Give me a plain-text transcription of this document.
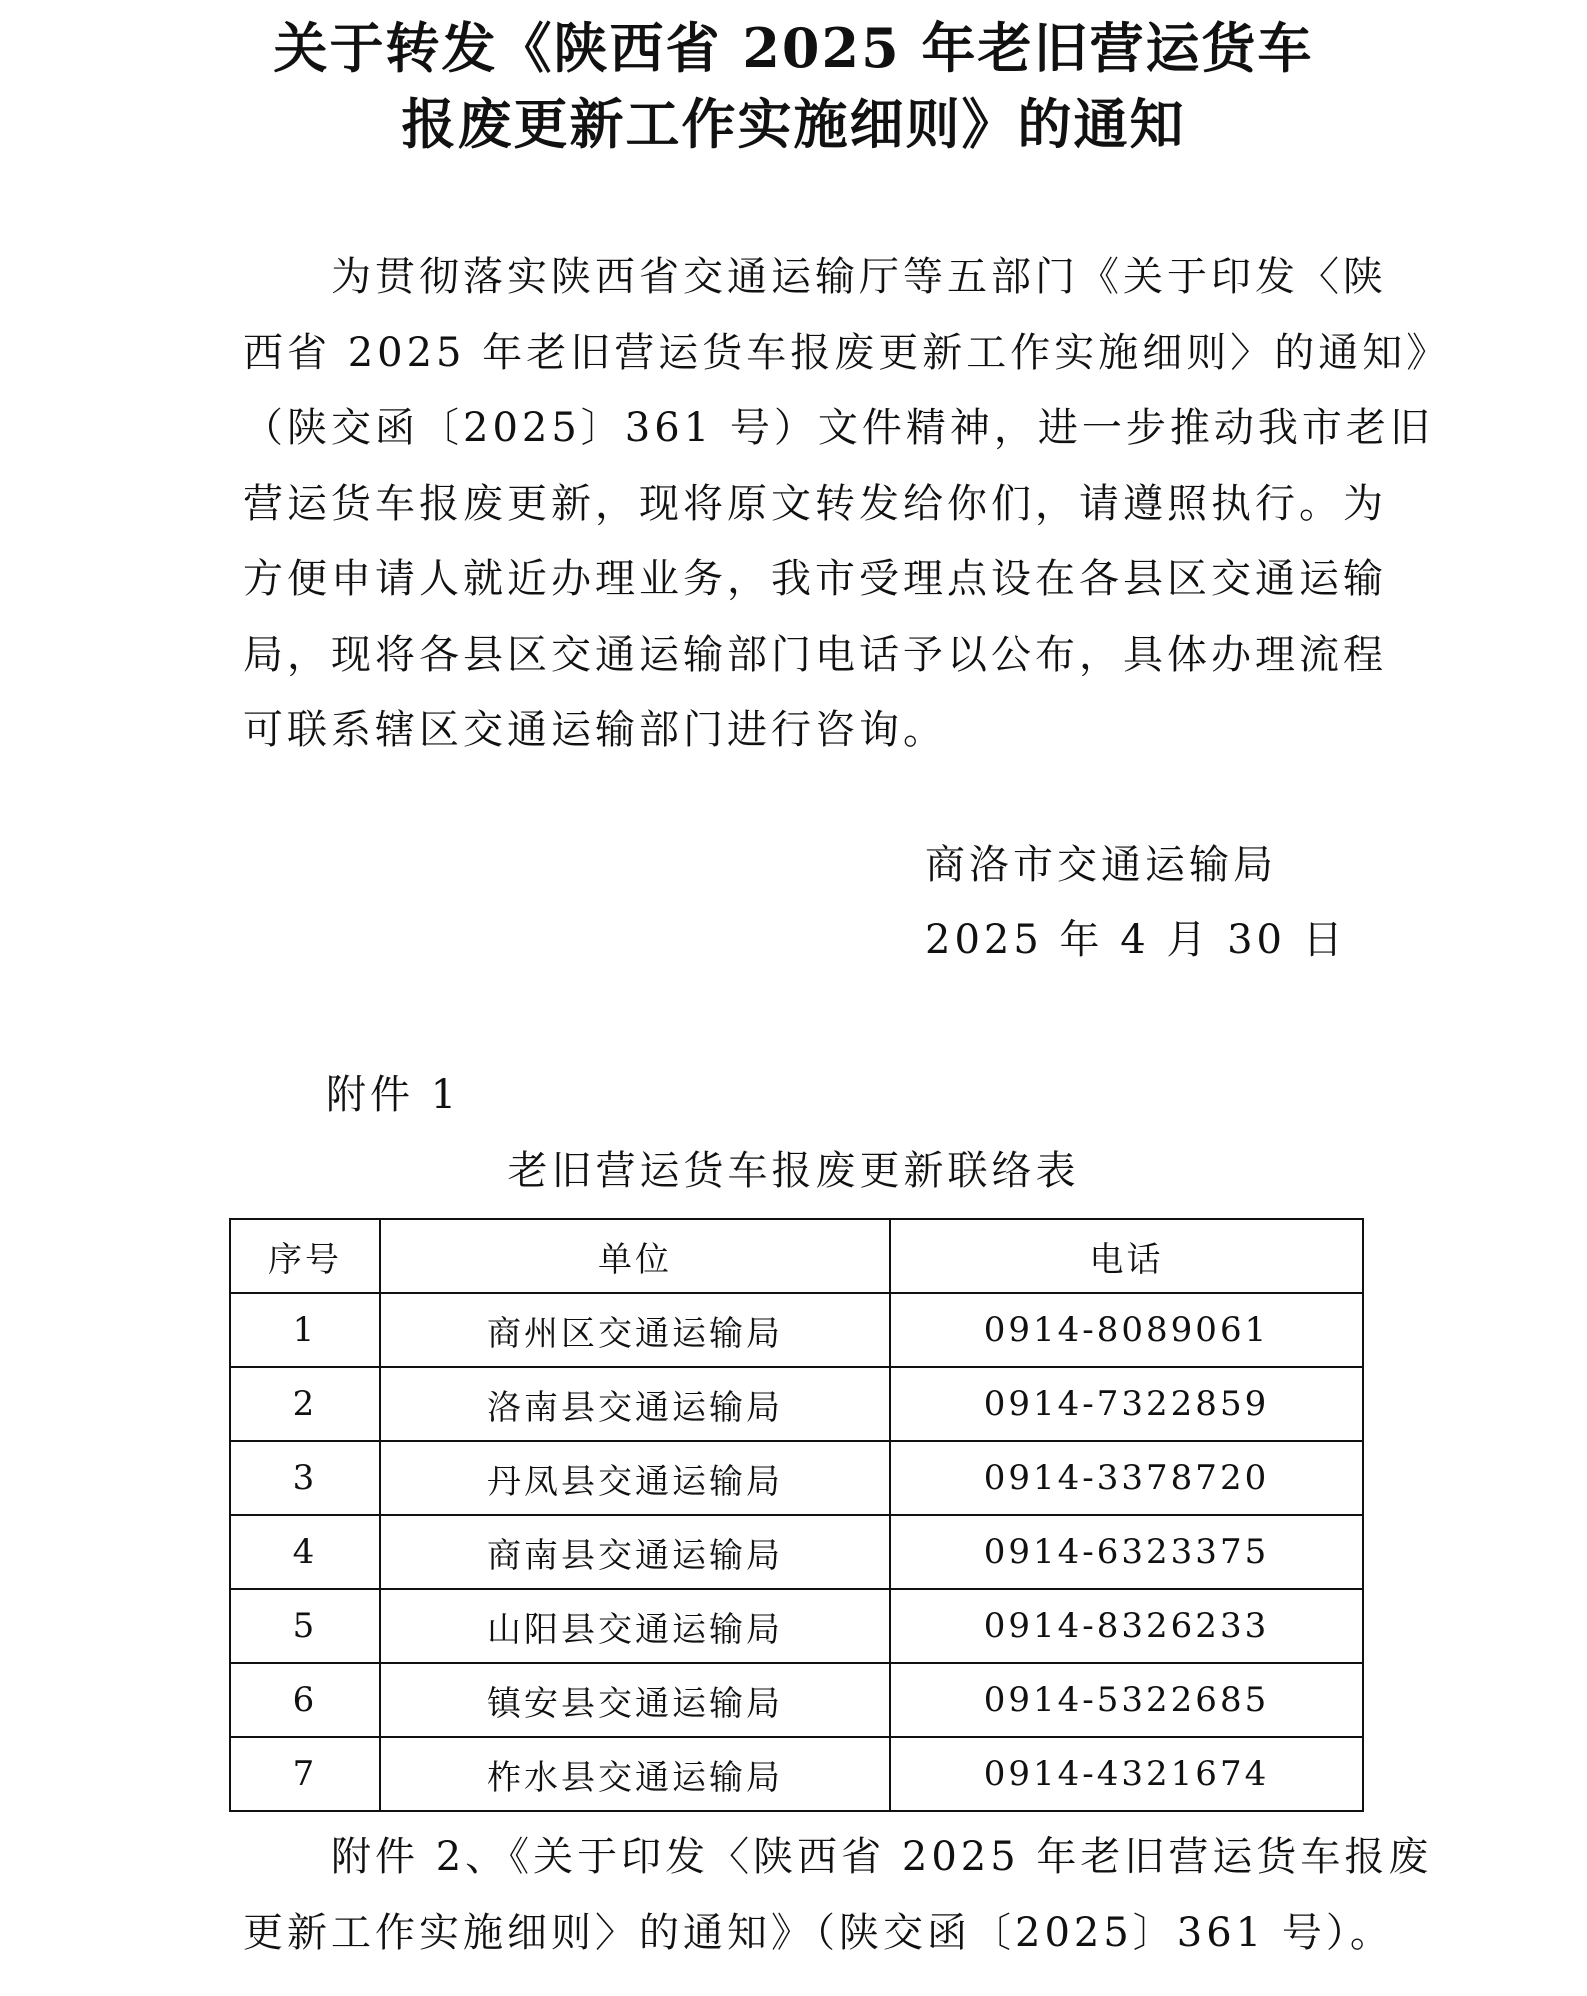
关于转发《陕西省 2025 年老旧营运货车
报废更新工作实施细则》的通知
　　为贯彻落实陕西省交通运输厅等五部门《关于印发〈陕
西省 2025 年老旧营运货车报废更新工作实施细则〉的通知》
（陕交函〔2025〕361 号）文件精神，进一步推动我市老旧
营运货车报废更新，现将原文转发给你们，请遵照执行。为
方便申请人就近办理业务，我市受理点设在各县区交通运输
局，现将各县区交通运输部门电话予以公布，具体办理流程
可联系辖区交通运输部门进行咨询。
商洛市交通运输局
2025 年 4 月 30 日
附件 1
老旧营运货车报废更新联络表
序号	单位	电话
1	商州区交通运输局	0914-8089061
2	洛南县交通运输局	0914-7322859
3	丹凤县交通运输局	0914-3378720
4	商南县交通运输局	0914-6323375
5	山阳县交通运输局	0914-8326233
6	镇安县交通运输局	0914-5322685
7	柞水县交通运输局	0914-4321674
　　附件 2、《关于印发〈陕西省 2025 年老旧营运货车报废
更新工作实施细则〉的通知》（陕交函〔2025〕361 号）。
